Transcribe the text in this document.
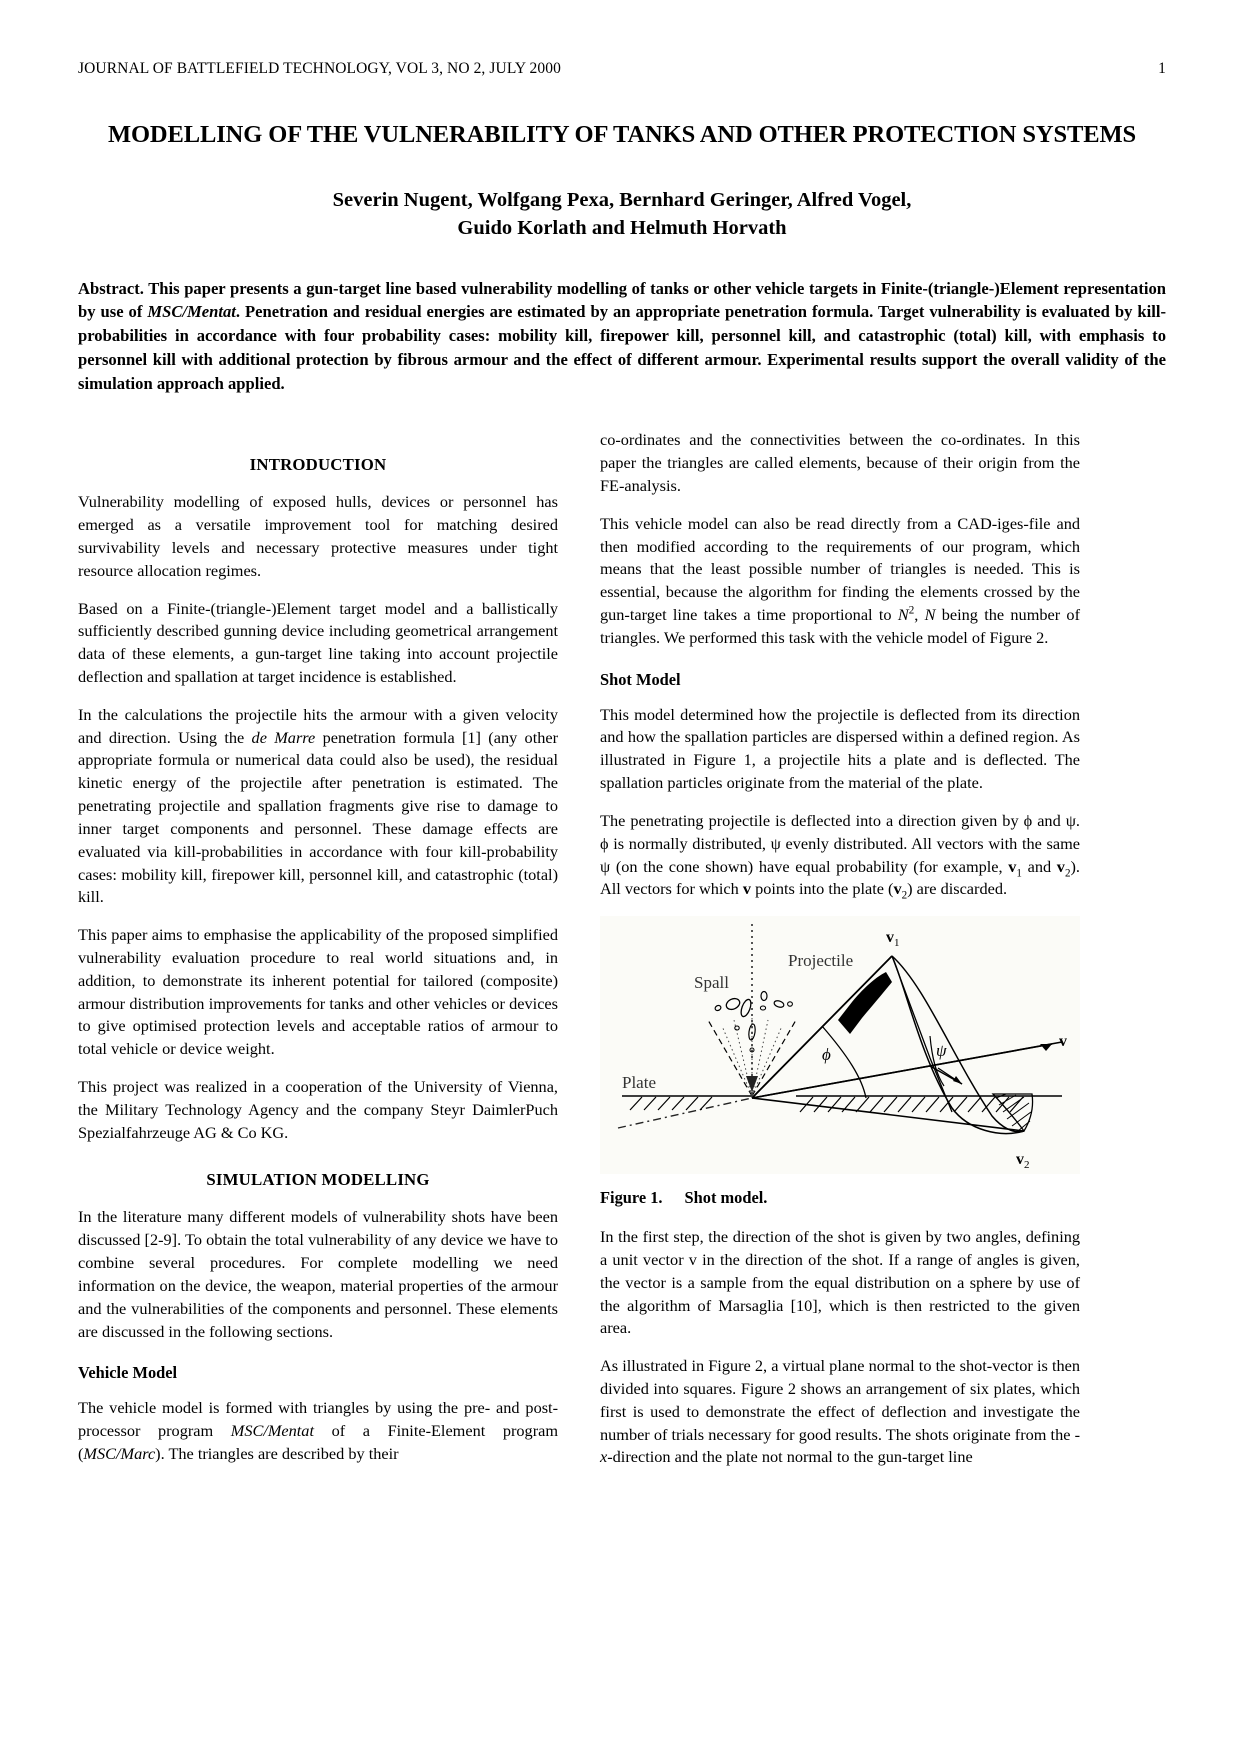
JOURNAL OF BATTLEFIELD TECHNOLOGY, VOL 3, NO 2, JULY 2000	1
MODELLING OF THE VULNERABILITY OF TANKS AND OTHER PROTECTION SYSTEMS
Severin Nugent, Wolfgang Pexa, Bernhard Geringer, Alfred Vogel,
Guido Korlath and Helmuth Horvath
Abstract. This paper presents a gun-target line based vulnerability modelling of tanks or other vehicle targets in Finite-(triangle-)Element representation by use of MSC/Mentat. Penetration and residual energies are estimated by an appropriate penetration formula. Target vulnerability is evaluated by kill-probabilities in accordance with four probability cases: mobility kill, firepower kill, personnel kill, and catastrophic (total) kill, with emphasis to personnel kill with additional protection by fibrous armour and the effect of different armour. Experimental results support the overall validity of the simulation approach applied.
INTRODUCTION

Vulnerability modelling of exposed hulls, devices or personnel has emerged as a versatile improvement tool for matching desired survivability levels and necessary protective measures under tight resource allocation regimes.

Based on a Finite-(triangle-)Element target model and a ballistically sufficiently described gunning device including geometrical arrangement data of these elements, a gun-target line taking into account projectile deflection and spallation at target incidence is established.

In the calculations the projectile hits the armour with a given velocity and direction. Using the de Marre penetration formula [1] (any other appropriate formula or numerical data could also be used), the residual kinetic energy of the projectile after penetration is estimated. The penetrating projectile and spallation fragments give rise to damage to inner target components and personnel. These damage effects are evaluated via kill-probabilities in accordance with four kill-probability cases: mobility kill, firepower kill, personnel kill, and catastrophic (total) kill.

This paper aims to emphasise the applicability of the proposed simplified vulnerability evaluation procedure to real world situations and, in addition, to demonstrate its inherent potential for tailored (composite) armour distribution improvements for tanks and other vehicles or devices to give optimised protection levels and acceptable ratios of armour to total vehicle or device weight.

This project was realized in a cooperation of the University of Vienna, the Military Technology Agency and the company Steyr DaimlerPuch Spezialfahrzeuge AG & Co KG.

SIMULATION MODELLING

In the literature many different models of vulnerability shots have been discussed [2-9]. To obtain the total vulnerability of any device we have to combine several procedures. For complete modelling we need information on the device, the weapon, material properties of the armour and the vulnerabilities of the components and personnel. These elements are discussed in the following sections.

Vehicle Model

The vehicle model is formed with triangles by using the pre- and post-processor program MSC/Mentat of a Finite-Element program (MSC/Marc). The triangles are described by their

co-ordinates and the connectivities between the co-ordinates. In this paper the triangles are called elements, because of their origin from the FE-analysis.

This vehicle model can also be read directly from a CAD-iges-file and then modified according to the requirements of our program, which means that the least possible number of triangles is needed. This is essential, because the algorithm for finding the elements crossed by the gun-target line takes a time proportional to $N^2$, N being the number of triangles. We performed this task with the vehicle model of Figure 2.

Shot Model

This model determined how the projectile is deflected from its direction and how the spallation particles are dispersed within a defined region. As illustrated in Figure 1, a projectile hits a plate and is deflected. The spallation particles originate from the material of the plate.

The penetrating projectile is deflected into a direction given by ϕ and ψ. ϕ is normally distributed, ψ evenly distributed. All vectors with the same ψ (on the cone shown) have equal probability (for example, $v_1$ and $v_2$). All vectors for which v points into the plate $(v_2)$ are discarded.

Spall
Projectile
Plate
ϕ	ψ	v
$v_1$
$v_2$
Figure 1. Shot model.

In the first step, the direction of the shot is given by two angles, defining a unit vector v in the direction of the shot. If a range of angles is given, the vector is a sample from the equal distribution on a sphere by use of the algorithm of Marsaglia [10], which is then restricted to the given area.

As illustrated in Figure 2, a virtual plane normal to the shot-vector is then divided into squares. Figure 2 shows an arrangement of six plates, which first is used to demonstrate the effect of deflection and investigate the number of trials necessary for good results. The shots originate from the -x-direction and the plate not normal to the gun-target line
